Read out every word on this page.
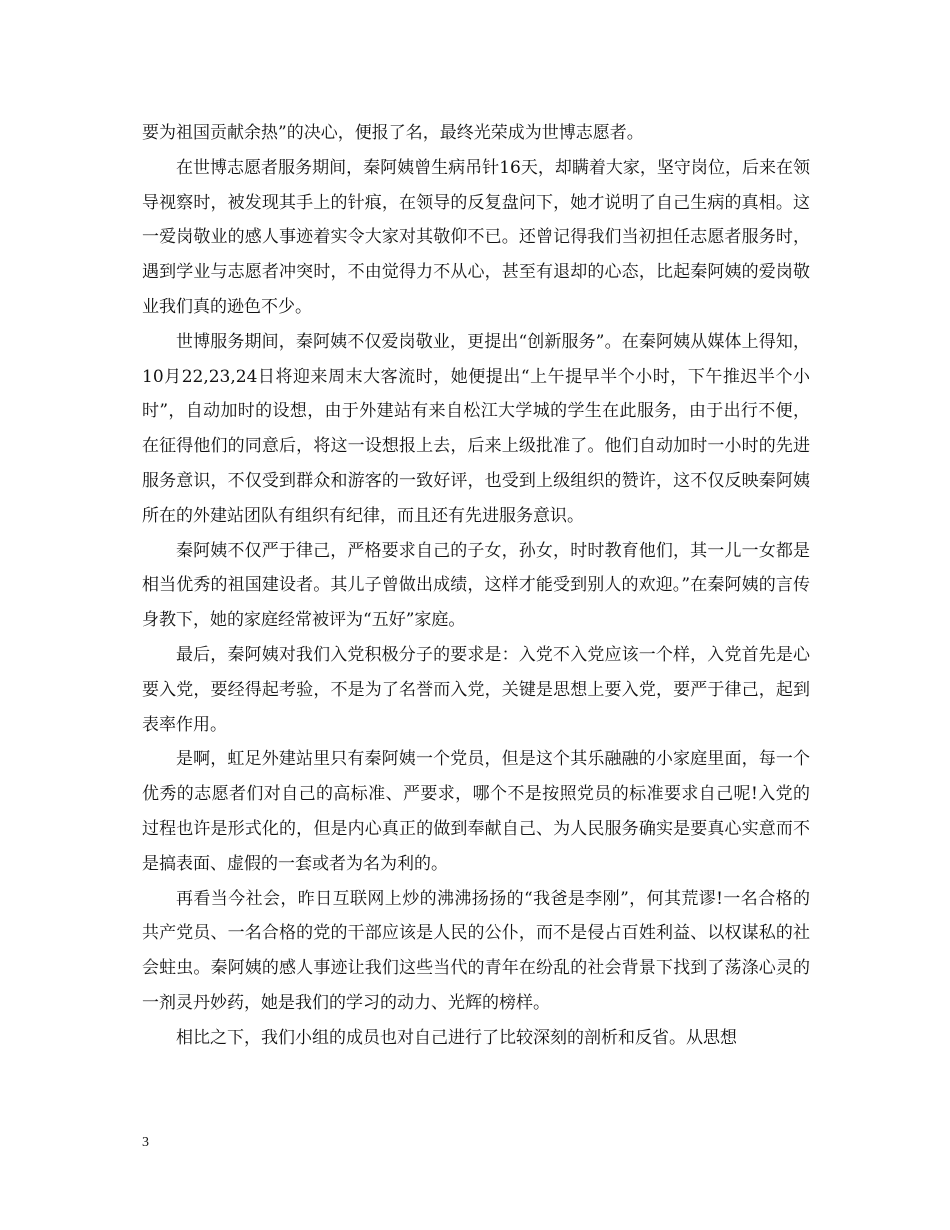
要为祖国贡献余热”的决心，便报了名，最终光荣成为世博志愿者。

在世博志愿者服务期间，秦阿姨曾生病吊针16天，却瞒着大家，坚守岗位，后来在领导视察时，被发现其手上的针痕，在领导的反复盘问下，她才说明了自己生病的真相。这一爱岗敬业的感人事迹着实令大家对其敬仰不已。还曾记得我们当初担任志愿者服务时，遇到学业与志愿者冲突时，不由觉得力不从心，甚至有退却的心态，比起秦阿姨的爱岗敬业我们真的逊色不少。

世博服务期间，秦阿姨不仅爱岗敬业，更提出“创新服务”。在秦阿姨从媒体上得知，10月22,23,24日将迎来周末大客流时，她便提出“上午提早半个小时，下午推迟半个小时”，自动加时的设想，由于外建站有来自松江大学城的学生在此服务，由于出行不便，在征得他们的同意后，将这一设想报上去，后来上级批准了。他们自动加时一小时的先进服务意识，不仅受到群众和游客的一致好评，也受到上级组织的赞许，这不仅反映秦阿姨所在的外建站团队有组织有纪律，而且还有先进服务意识。

秦阿姨不仅严于律己，严格要求自己的子女，孙女，时时教育他们，其一儿一女都是相当优秀的祖国建设者。其儿子曾做出成绩，这样才能受到别人的欢迎。”在秦阿姨的言传身教下，她的家庭经常被评为“五好”家庭。

最后，秦阿姨对我们入党积极分子的要求是：入党不入党应该一个样，入党首先是心要入党，要经得起考验，不是为了名誉而入党，关键是思想上要入党，要严于律己，起到表率作用。

是啊，虹足外建站里只有秦阿姨一个党员，但是这个其乐融融的小家庭里面，每一个优秀的志愿者们对自己的高标准、严要求，哪个不是按照党员的标准要求自己呢!入党的过程也许是形式化的，但是内心真正的做到奉献自己、为人民服务确实是要真心实意而不是搞表面、虚假的一套或者为名为利的。

再看当今社会，昨日互联网上炒的沸沸扬扬的“我爸是李刚”，何其荒谬!一名合格的共产党员、一名合格的党的干部应该是人民的公仆，而不是侵占百姓利益、以权谋私的社会蛀虫。秦阿姨的感人事迹让我们这些当代的青年在纷乱的社会背景下找到了荡涤心灵的一剂灵丹妙药，她是我们的学习的动力、光辉的榜样。

相比之下，我们小组的成员也对自己进行了比较深刻的剖析和反省。从思想

3
